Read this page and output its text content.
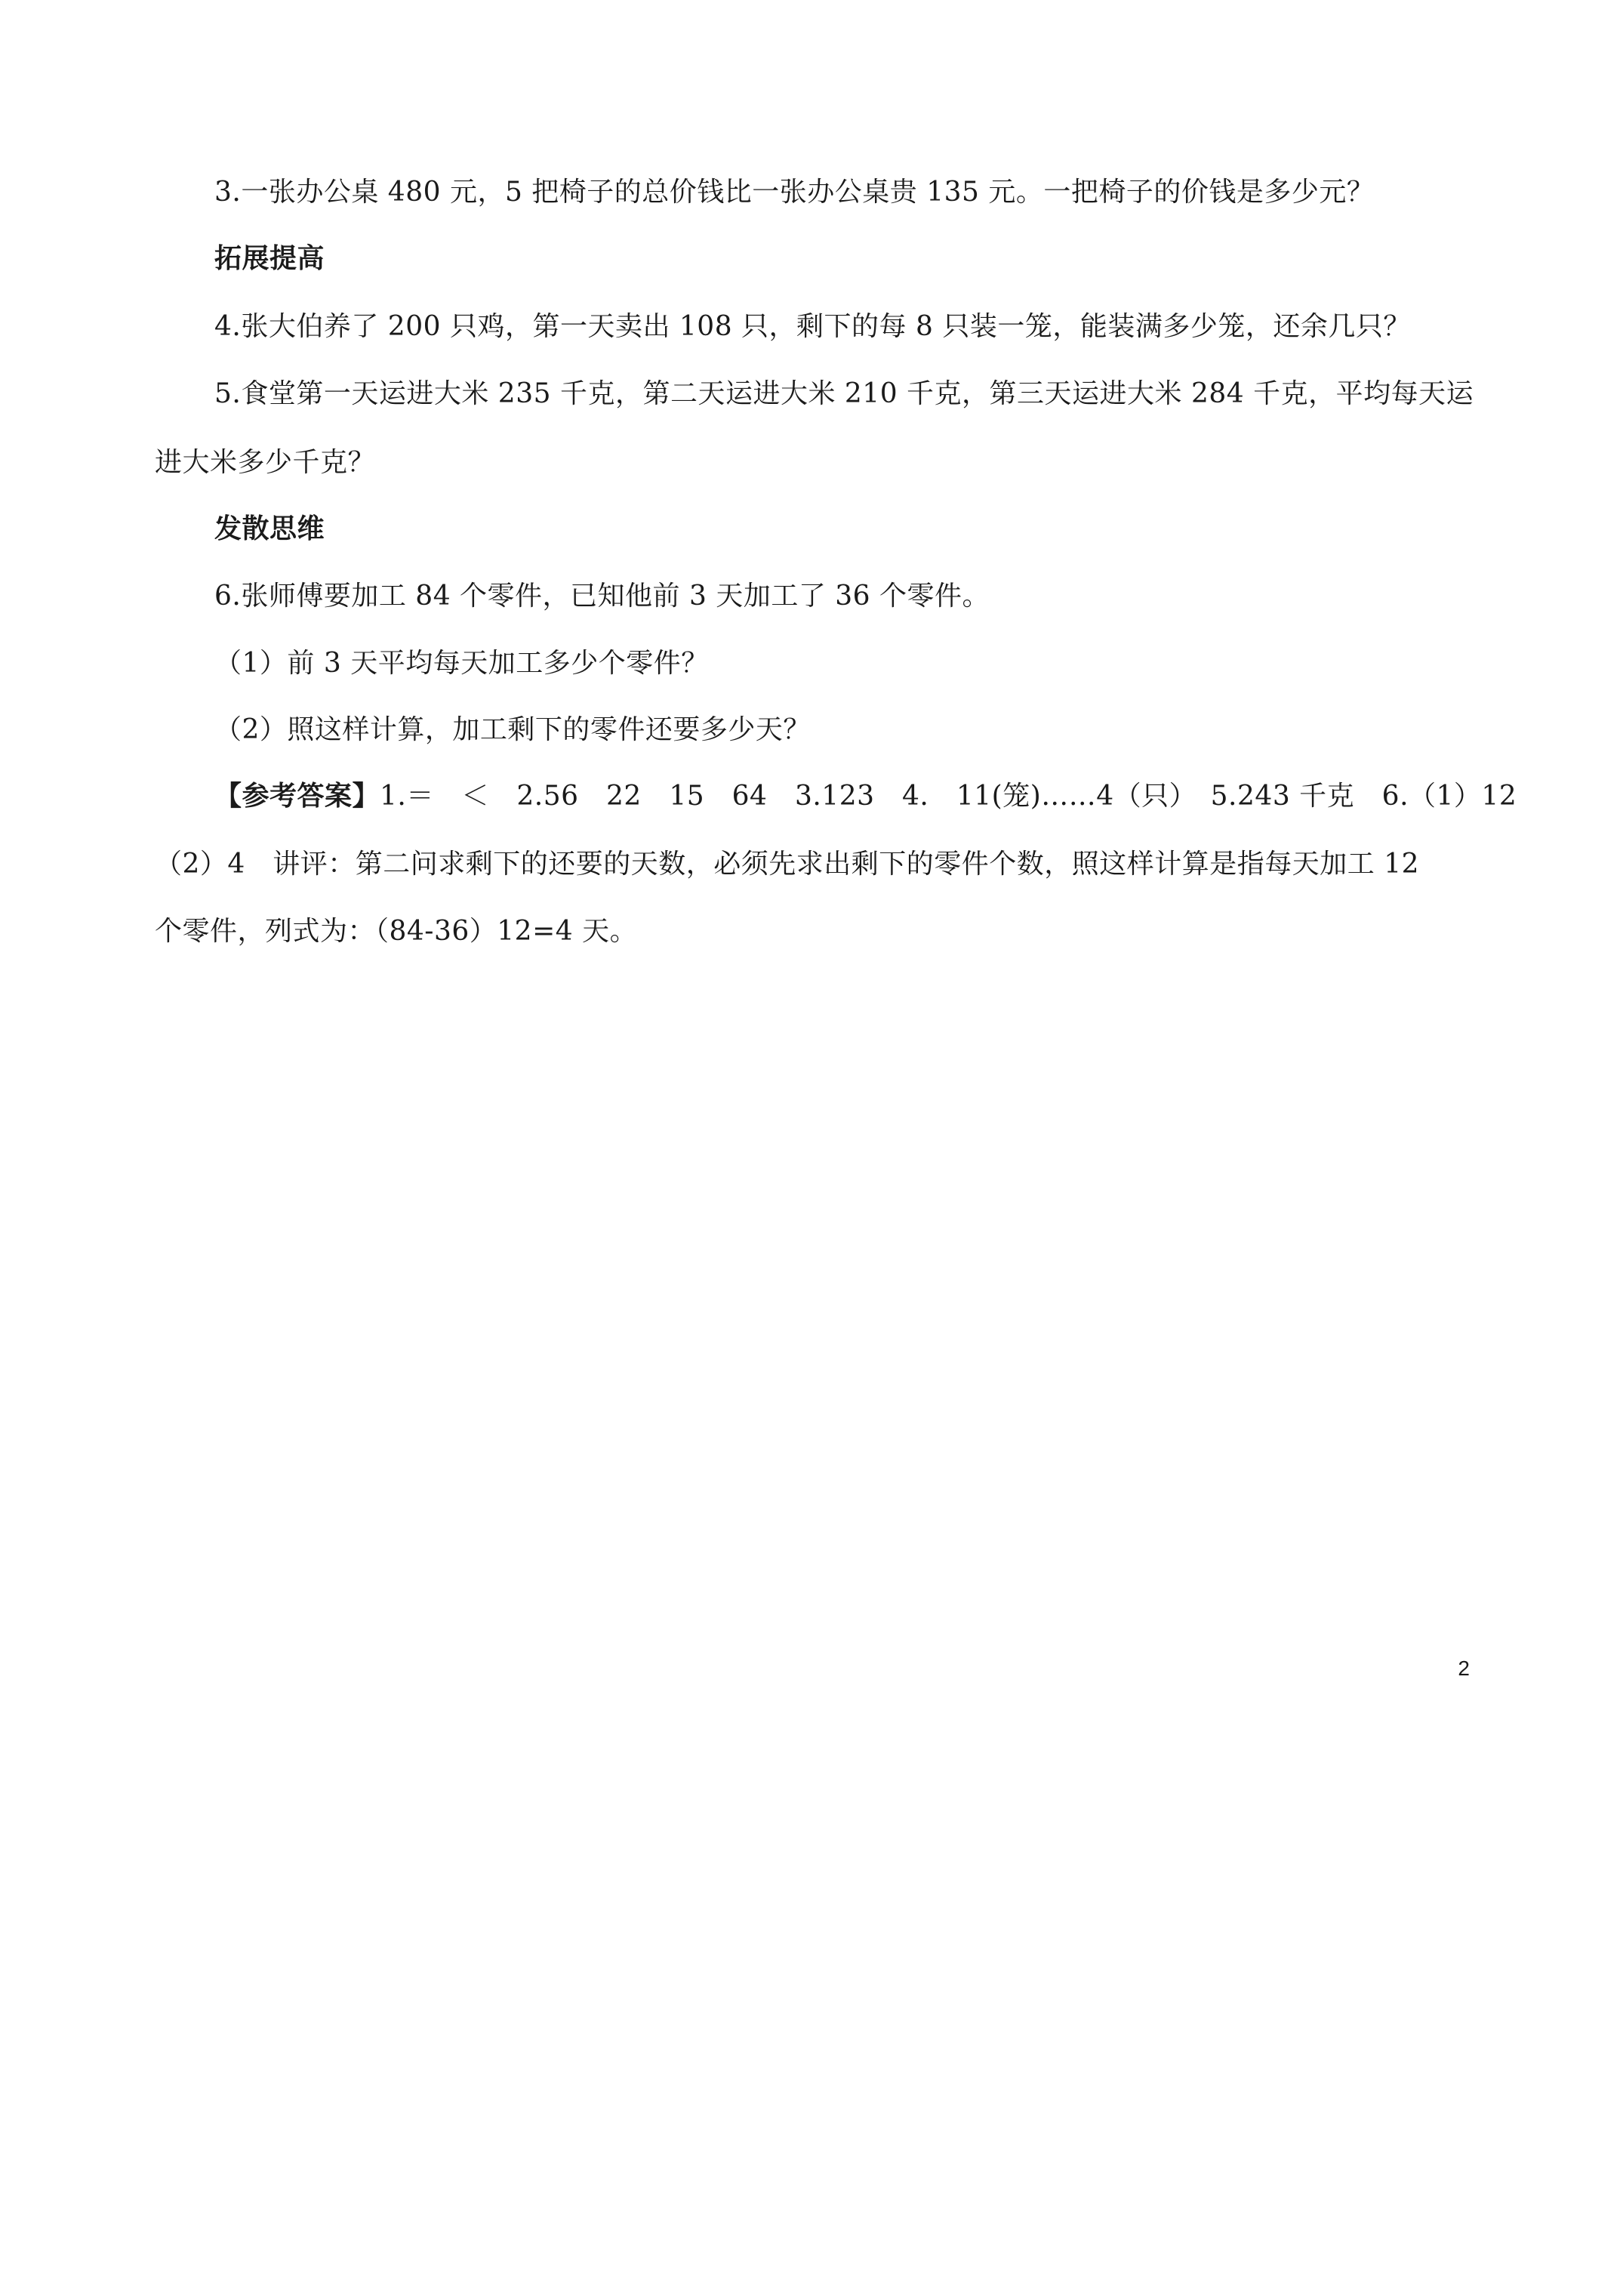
3.一张办公桌 480 元，5 把椅子的总价钱比一张办公桌贵 135 元。一把椅子的价钱是多少元？
拓展提高
4.张大伯养了 200 只鸡，第一天卖出 108 只，剩下的每 8 只装一笼，能装满多少笼，还余几只？
5.食堂第一天运进大米 235 千克，第二天运进大米 210 千克，第三天运进大米 284 千克，平均每天运
进大米多少千克？
发散思维
6.张师傅要加工 84 个零件，已知他前 3 天加工了 36 个零件。
（1）前 3 天平均每天加工多少个零件？
（2）照这样计算，加工剩下的零件还要多少天？
【参考答案】1.＝　＜　2.56　22　15　64　3.123　4.　11(笼)……4（只）　5.243 千克　6.（1）12
（2）4　讲评：第二问求剩下的还要的天数，必须先求出剩下的零件个数，照这样计算是指每天加工 12
个零件，列式为：（84-36）12=4 天。
2
